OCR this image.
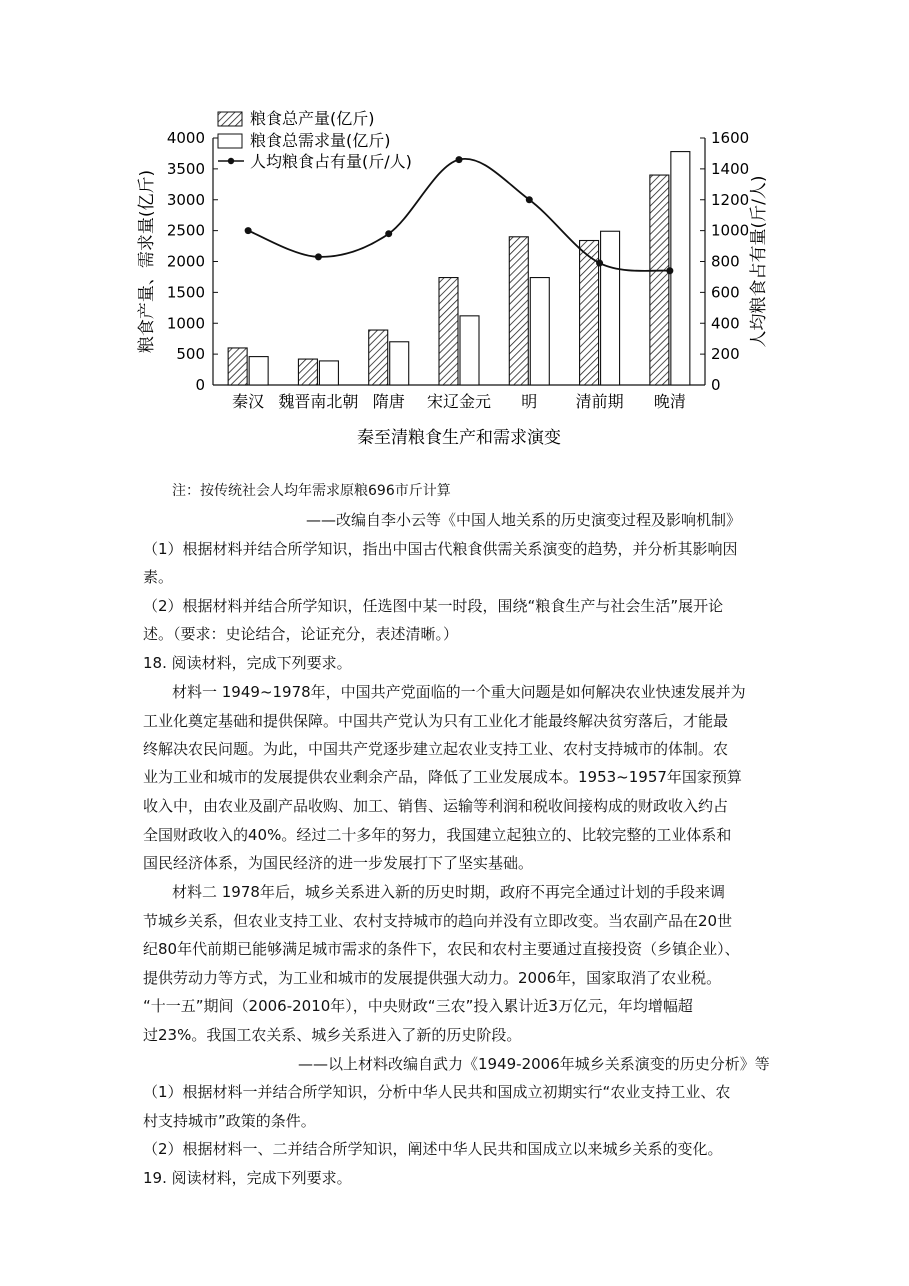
粮食总产量(亿斤)
粮食总需求量(亿斤)
人均粮食占有量(斤/人)
0
500
1000
1500
2000
2500
3000
3500
4000
0
200
400
600
800
1000
1200
1400
1600
秦汉 魏晋南北朝 隋唐 宋辽金元 明 清前期 晚清
粮食产量、需求量(亿斤)	人均粮食占有量(斤/人)
秦至清粮食生产和需求演变
注：按传统社会人均年需求原粮696市斤计算
——改编自李小云等《中国人地关系的历史演变过程及影响机制》
（1）根据材料并结合所学知识，指出中国古代粮食供需关系演变的趋势，并分析其影响因
素。
（2）根据材料并结合所学知识，任选图中某一时段，围绕“粮食生产与社会生活”展开论
述。（要求：史论结合，论证充分，表述清晰。）
18. 阅读材料，完成下列要求。
材料一 1949~1978年，中国共产党面临的一个重大问题是如何解决农业快速发展并为
工业化奠定基础和提供保障。中国共产党认为只有工业化才能最终解决贫穷落后，才能最
终解决农民问题。为此，中国共产党逐步建立起农业支持工业、农村支持城市的体制。农
业为工业和城市的发展提供农业剩余产品，降低了工业发展成本。1953~1957年国家预算
收入中，由农业及副产品收购、加工、销售、运输等利润和税收间接构成的财政收入约占
全国财政收入的40%。经过二十多年的努力，我国建立起独立的、比较完整的工业体系和
国民经济体系，为国民经济的进一步发展打下了坚实基础。
材料二 1978年后，城乡关系进入新的历史时期，政府不再完全通过计划的手段来调
节城乡关系，但农业支持工业、农村支持城市的趋向并没有立即改变。当农副产品在20世
纪80年代前期已能够满足城市需求的条件下，农民和农村主要通过直接投资（乡镇企业）、
提供劳动力等方式，为工业和城市的发展提供强大动力。2006年，国家取消了农业税。
“十一五”期间（2006-2010年），中央财政“三农”投入累计近3万亿元，年均增幅超
过23%。我国工农关系、城乡关系进入了新的历史阶段。
——以上材料改编自武力《1949-2006年城乡关系演变的历史分析》等
（1）根据材料一并结合所学知识，分析中华人民共和国成立初期实行“农业支持工业、农
村支持城市”政策的条件。
（2）根据材料一、二并结合所学知识，阐述中华人民共和国成立以来城乡关系的变化。
19. 阅读材料，完成下列要求。
